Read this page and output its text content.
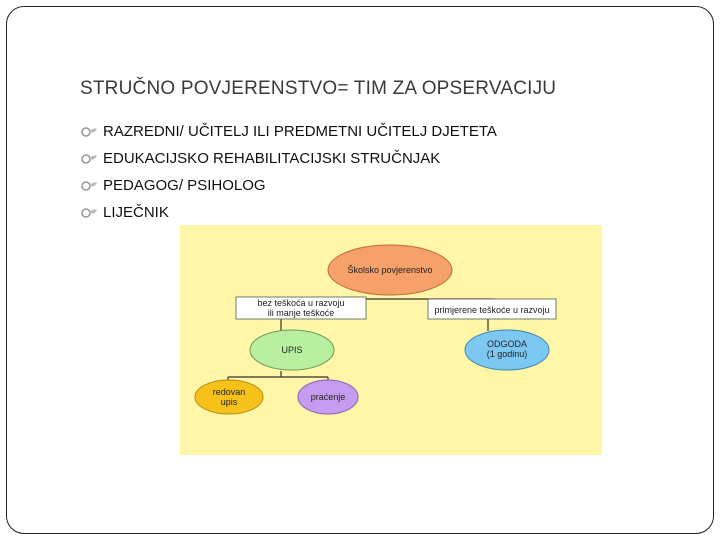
STRUČNO POVJERENSTVO= TIM ZA OPSERVACIJU
RAZREDNI/ UČITELJ ILI PREDMETNI UČITELJ DJETETA
EDUKACIJSKO REHABILITACIJSKI STRUČNJAK
PEDAGOG/ PSIHOLOG
LIJEČNIK
Školsko povjerenstvo
bez teškoća u razvoju
ili manje teškoće	primjerene teškoće u razvoju
UPIS
ODGODA
(1 godinu)
redovan
upis	praćenje
